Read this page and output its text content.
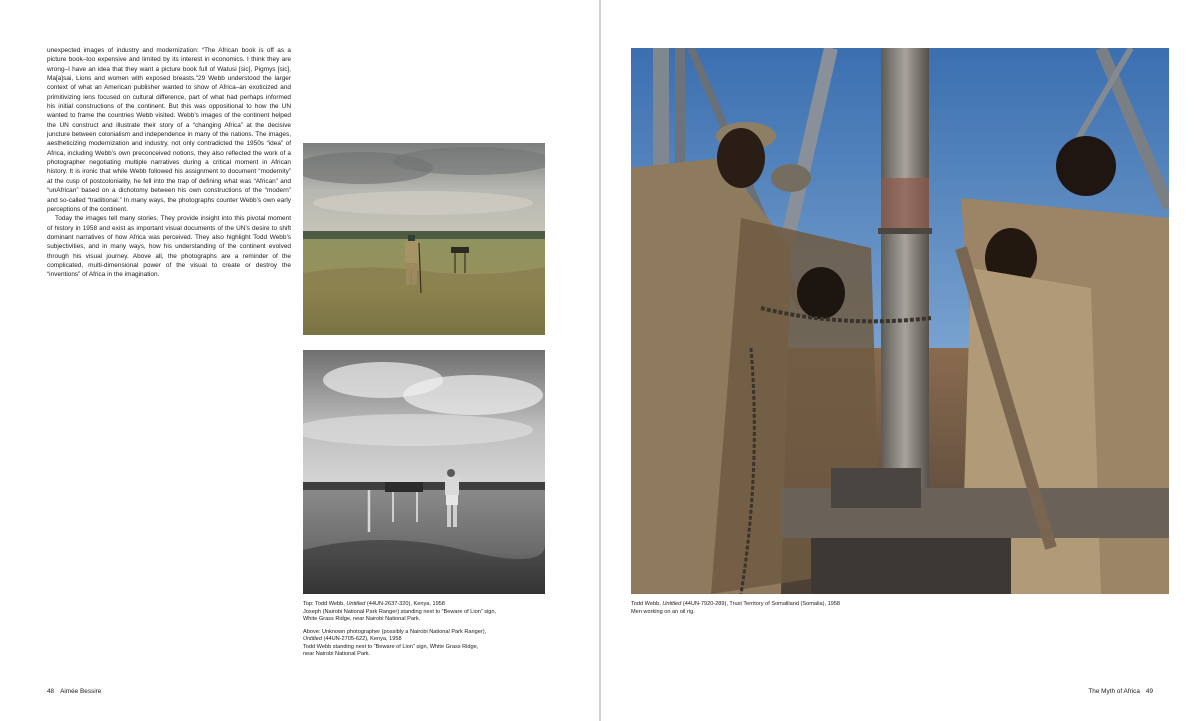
unexpected images of industry and modernization: “The African book is off as a picture book–too expensive and limited by its interest in economics. I think they are wrong–I have an idea that they want a picture book full of Watusi [sic], Pigmys [sic], Ma[a]sai, Lions and women with exposed breasts.”29 Webb understood the larger context of what an American publisher wanted to show of Africa–an exoticized and primitivizing lens focused on cultural difference, part of what had perhaps informed his initial constructions of the continent. But this was oppositional to how the UN wanted to frame the countries Webb visited. Webb’s images of the continent helped the UN construct and illustrate their story of a “changing Africa” at the decisive juncture between colonialism and independence in many of the nations. The images, aestheticizing modernization and industry, not only contradicted the 1950s “idea” of Africa, including Webb’s own preconceived notions, they also reflected the work of a photographer negotiating multiple narratives during a critical moment in African history. It is ironic that while Webb followed his assignment to document “modernity” at the cusp of postcoloniality, he fell into the trap of defining what was “African” and “unAfrican” based on a dichotomy between his own constructions of the “modern” and so-called “traditional.” In many ways, the photographs counter Webb’s own early perceptions of the continent.

Today the images tell many stories. They provide insight into this pivotal moment of history in 1958 and exist as important visual documents of the UN’s desire to shift dominant narratives of how Africa was perceived. They also highlight Todd Webb’s subjectivities, and in many ways, how his understanding of the continent evolved through his visual journey. Above all, the photographs are a reminder of the complicated, multi-dimensional power of the visual to create or destroy the “inventions” of Africa in the imagination.

Top: Todd Webb, Untitled (44UN-2637-320), Kenya, 1958
Joseph (Nairobi National Park Ranger) standing next to “Beware of Lion” sign,
White Grass Ridge, near Nairobi National Park.

Above: Unknown photographer (possibly a Nairobi National Park Ranger),
Untitled (44UN-2705-622), Kenya, 1958
Todd Webb standing next to “Beware of Lion” sign, White Grass Ridge,
near Nairobi National Park.

48 Aimée Bessire

Todd Webb, Untitled (44UN-7920-289), Trust Territory of Somaliland (Somalia), 1958
Men working on an oil rig.

The Myth of Africa 49
